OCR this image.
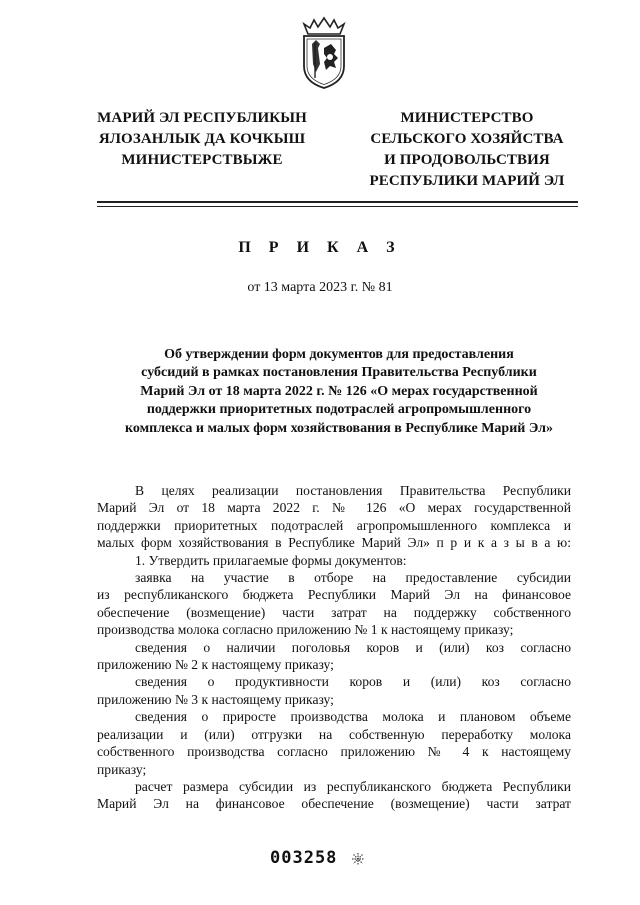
МАРИЙ ЭЛ РЕСПУБЛИКЫН
ЯЛОЗАНЛЫК ДА КОЧКЫШ
МИНИСТЕРСТВЫЖЕ
МИНИСТЕРСТВО
СЕЛЬСКОГО ХОЗЯЙСТВА
И ПРОДОВОЛЬСТВИЯ
РЕСПУБЛИКИ МАРИЙ ЭЛ
П Р И К А З
от 13 марта 2023 г. № 81
Об утверждении форм документов для предоставления
субсидий в рамках постановления Правительства Республики
Марий Эл от 18 марта 2022 г. № 126 «О мерах государственной
поддержки приоритетных подотраслей агропромышленного
комплекса и малых форм хозяйствования в Республике Марий Эл»
В целях реализации постановления Правительства Республики
Марий Эл от 18 марта 2022 г. № 126 «О мерах государственной
поддержки приоритетных подотраслей агропромышленного комплекса и
малых форм хозяйствования в Республике Марий Эл» п р и к а з ы в а ю:
1. Утвердить прилагаемые формы документов:
заявка на участие в отборе на предоставление субсидии
из республиканского бюджета Республики Марий Эл на финансовое
обеспечение (возмещение) части затрат на поддержку собственного
производства молока согласно приложению № 1 к настоящему приказу;
сведения о наличии поголовья коров и (или) коз согласно
приложению № 2 к настоящему приказу;
сведения о продуктивности коров и (или) коз согласно
приложению № 3 к настоящему приказу;
сведения о приросте производства молока и плановом объеме
реализации и (или) отгрузки на собственную переработку молока
собственного производства согласно приложению № 4 к настоящему
приказу;
расчет размера субсидии из республиканского бюджета Республики
Марий Эл на финансовое обеспечение (возмещение) части затрат
003258
